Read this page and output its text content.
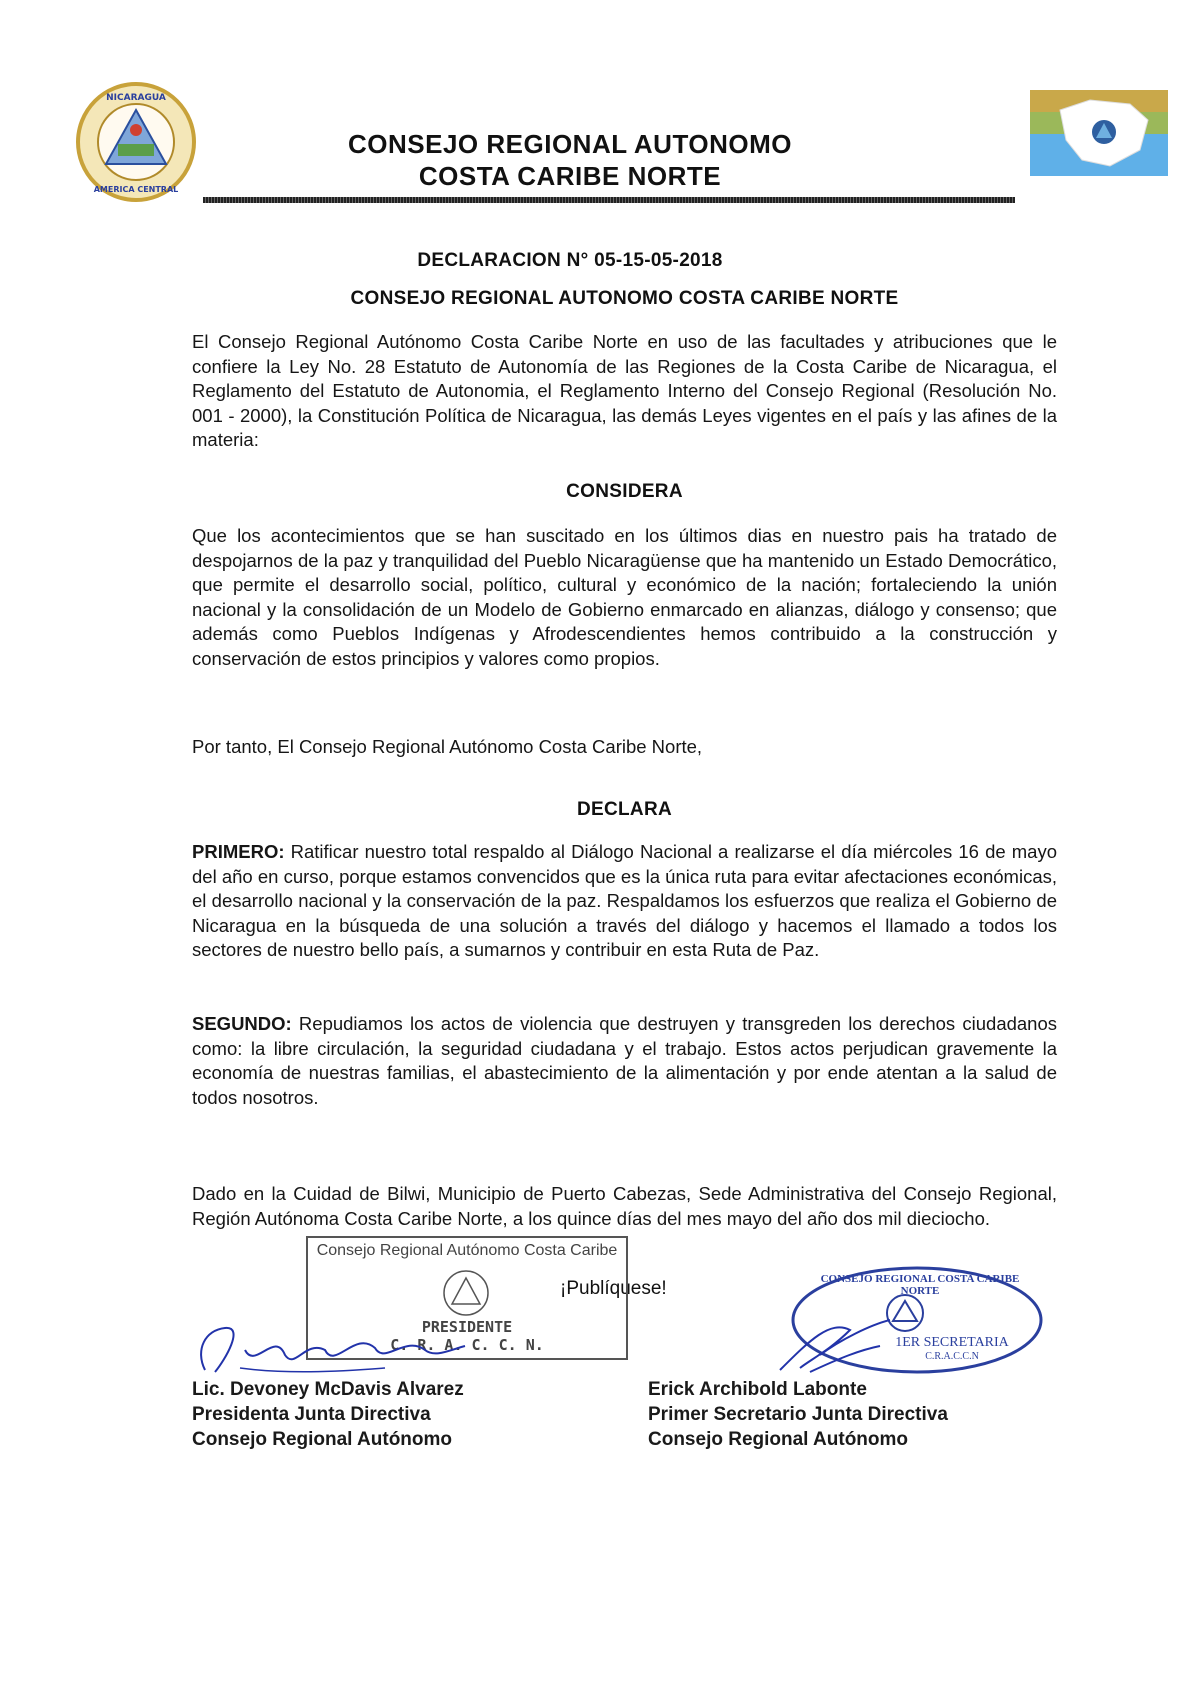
NICARAGUA
AMERICA CENTRAL
CONSEJO REGIONAL AUTONOMO
COSTA CARIBE NORTE
DECLARACION N° 05-15-05-2018
CONSEJO REGIONAL AUTONOMO COSTA CARIBE NORTE
El Consejo Regional Autónomo Costa Caribe Norte en uso de las facultades y atribuciones que le confiere la Ley No. 28 Estatuto de Autonomía de las Regiones de la Costa Caribe de Nicaragua, el Reglamento del Estatuto de Autonomia, el Reglamento Interno del Consejo Regional (Resolución No. 001 - 2000), la Constitución Política de Nicaragua, las demás Leyes vigentes en el país y las afines de la materia:
CONSIDERA
Que los acontecimientos que se han suscitado en los últimos dias en nuestro pais ha tratado de despojarnos de la paz y tranquilidad del Pueblo Nicaragüense que ha mantenido un Estado Democrático, que permite el desarrollo social, político, cultural y económico de la nación; fortaleciendo la unión nacional y la consolidación de un Modelo de Gobierno enmarcado en alianzas, diálogo y consenso; que además como Pueblos Indígenas y Afrodescendientes hemos contribuido a la construcción y conservación de estos principios y valores como propios.
Por tanto, El Consejo Regional Autónomo Costa Caribe Norte,
DECLARA
PRIMERO: Ratificar nuestro total respaldo al Diálogo Nacional a realizarse el día miércoles 16 de mayo del año en curso, porque estamos convencidos que es la única ruta para evitar afectaciones económicas, el desarrollo nacional y la conservación de la paz. Respaldamos los esfuerzos que realiza el Gobierno de Nicaragua en la búsqueda de una solución a través del diálogo y hacemos el llamado a todos los sectores de nuestro bello país, a sumarnos y contribuir en esta Ruta de Paz.
SEGUNDO: Repudiamos los actos de violencia que destruyen y transgreden los derechos ciudadanos como: la libre circulación, la seguridad ciudadana y el trabajo. Estos actos perjudican gravemente la economía de nuestras familias, el abastecimiento de la alimentación y por ende atentan a la salud de todos nosotros.
Dado en la Cuidad de Bilwi, Municipio de Puerto Cabezas, Sede Administrativa del Consejo Regional, Región Autónoma Costa Caribe Norte, a los quince días del mes mayo del año dos mil dieciocho.
¡Publíquese!
Consejo Regional Autónomo Costa Caribe
PRESIDENTE
C. R. A. C. C. N.
CONSEJO REGIONAL COSTA CARIBE NORTE
1ER SECRETARIA
C.R.A.C.C.N
Lic. Devoney McDavis Alvarez
Presidenta Junta Directiva
Consejo Regional Autónomo
Erick Archibold Labonte
Primer Secretario Junta Directiva
Consejo Regional Autónomo
